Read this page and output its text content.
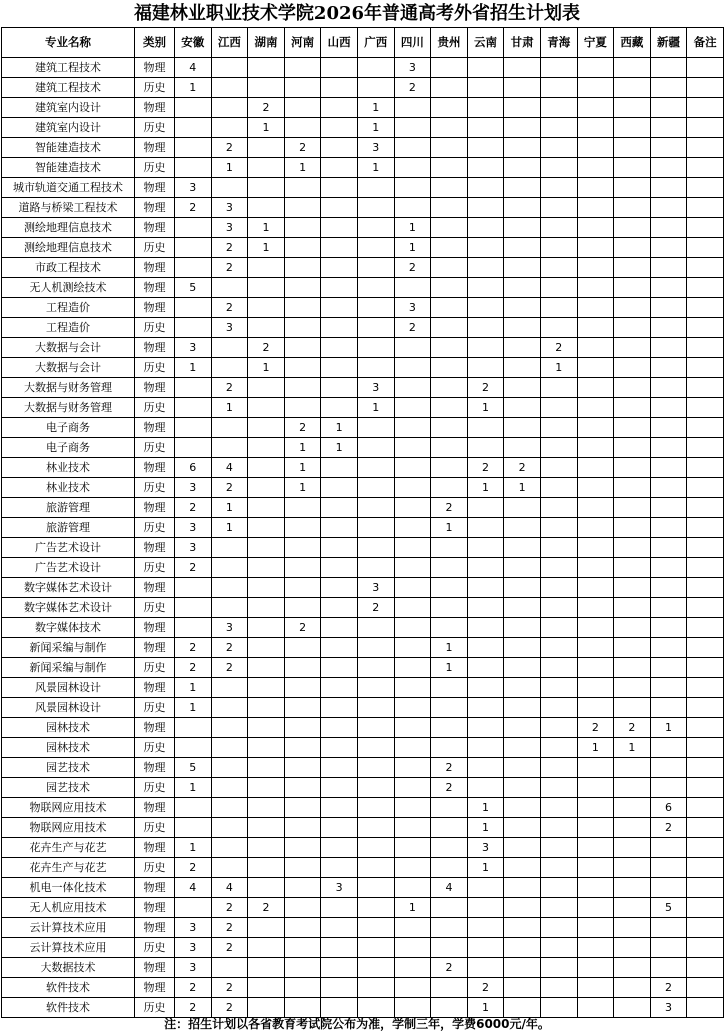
福建林业职业技术学院2026年普通高考外省招生计划表
专业名称	类别	安徽	江西	湖南	河南	山西	广西	四川	贵州	云南	甘肃	青海	宁夏	西藏	新疆	备注
建筑工程技术	物理	4						3								
建筑工程技术	历史	1						2								
建筑室内设计	物理			2			1									
建筑室内设计	历史			1			1									
智能建造技术	物理		2		2		3									
智能建造技术	历史		1		1		1									
城市轨道交通工程技术	物理	3														
道路与桥梁工程技术	物理	2	3													
测绘地理信息技术	物理		3	1				1								
测绘地理信息技术	历史		2	1				1								
市政工程技术	物理		2					2								
无人机测绘技术	物理	5														
工程造价	物理		2					3								
工程造价	历史		3					2								
大数据与会计	物理	3		2								2				
大数据与会计	历史	1		1								1				
大数据与财务管理	物理		2				3			2						
大数据与财务管理	历史		1				1			1						
电子商务	物理				2	1										
电子商务	历史				1	1										
林业技术	物理	6	4		1					2	2					
林业技术	历史	3	2		1					1	1					
旅游管理	物理	2	1						2							
旅游管理	历史	3	1						1							
广告艺术设计	物理	3														
广告艺术设计	历史	2														
数字媒体艺术设计	物理						3									
数字媒体艺术设计	历史						2									
数字媒体技术	物理		3		2											
新闻采编与制作	物理	2	2						1							
新闻采编与制作	历史	2	2						1							
风景园林设计	物理	1														
风景园林设计	历史	1														
园林技术	物理												2	2	1	
园林技术	历史												1	1		
园艺技术	物理	5							2							
园艺技术	历史	1							2							
物联网应用技术	物理									1					6	
物联网应用技术	历史									1					2	
花卉生产与花艺	物理	1								3						
花卉生产与花艺	历史	2								1						
机电一体化技术	物理	4	4			3			4							
无人机应用技术	物理		2	2				1							5	
云计算技术应用	物理	3	2													
云计算技术应用	历史	3	2													
大数据技术	物理	3							2							
软件技术	物理	2	2							2					2	
软件技术	历史	2	2							1					3	
注：招生计划以各省教育考试院公布为准，学制三年，学费6000元/年。
